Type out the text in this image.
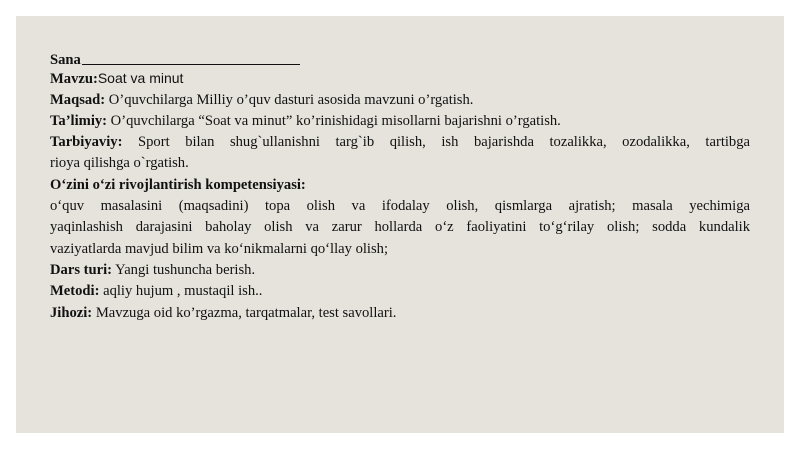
Sana
Mavzu:Soat va minut
Maqsad: O’quvchilarga Milliy o’quv dasturi asosida mavzuni o’rgatish.
Ta’limiy: O’quvchilarga “Soat va minut” ko’rinishidagi misollarni bajarishni o’rgatish.
Tarbiyaviy: Sport bilan shug`ullanishni targ`ib qilish, ish bajarishda tozalikka, ozodalikka, tartibga
rioya qilishga o`rgatish.
O‘zini o‘zi rivojlantirish kompetensiyasi:
o‘quv masalasini (maqsadini) topa olish va ifodalay olish, qismlarga ajratish; masala yechimiga
yaqinlashish darajasini baholay olish va zarur hollarda o‘z faoliyatini to‘g‘rilay olish; sodda kundalik
vaziyatlarda mavjud bilim va ko‘nikmalarni qo‘llay olish;
Dars turi: Yangi tushuncha berish.
Metodi: aqliy hujum , mustaqil ish..
Jihozi: Mavzuga oid ko’rgazma, tarqatmalar, test savollari.
